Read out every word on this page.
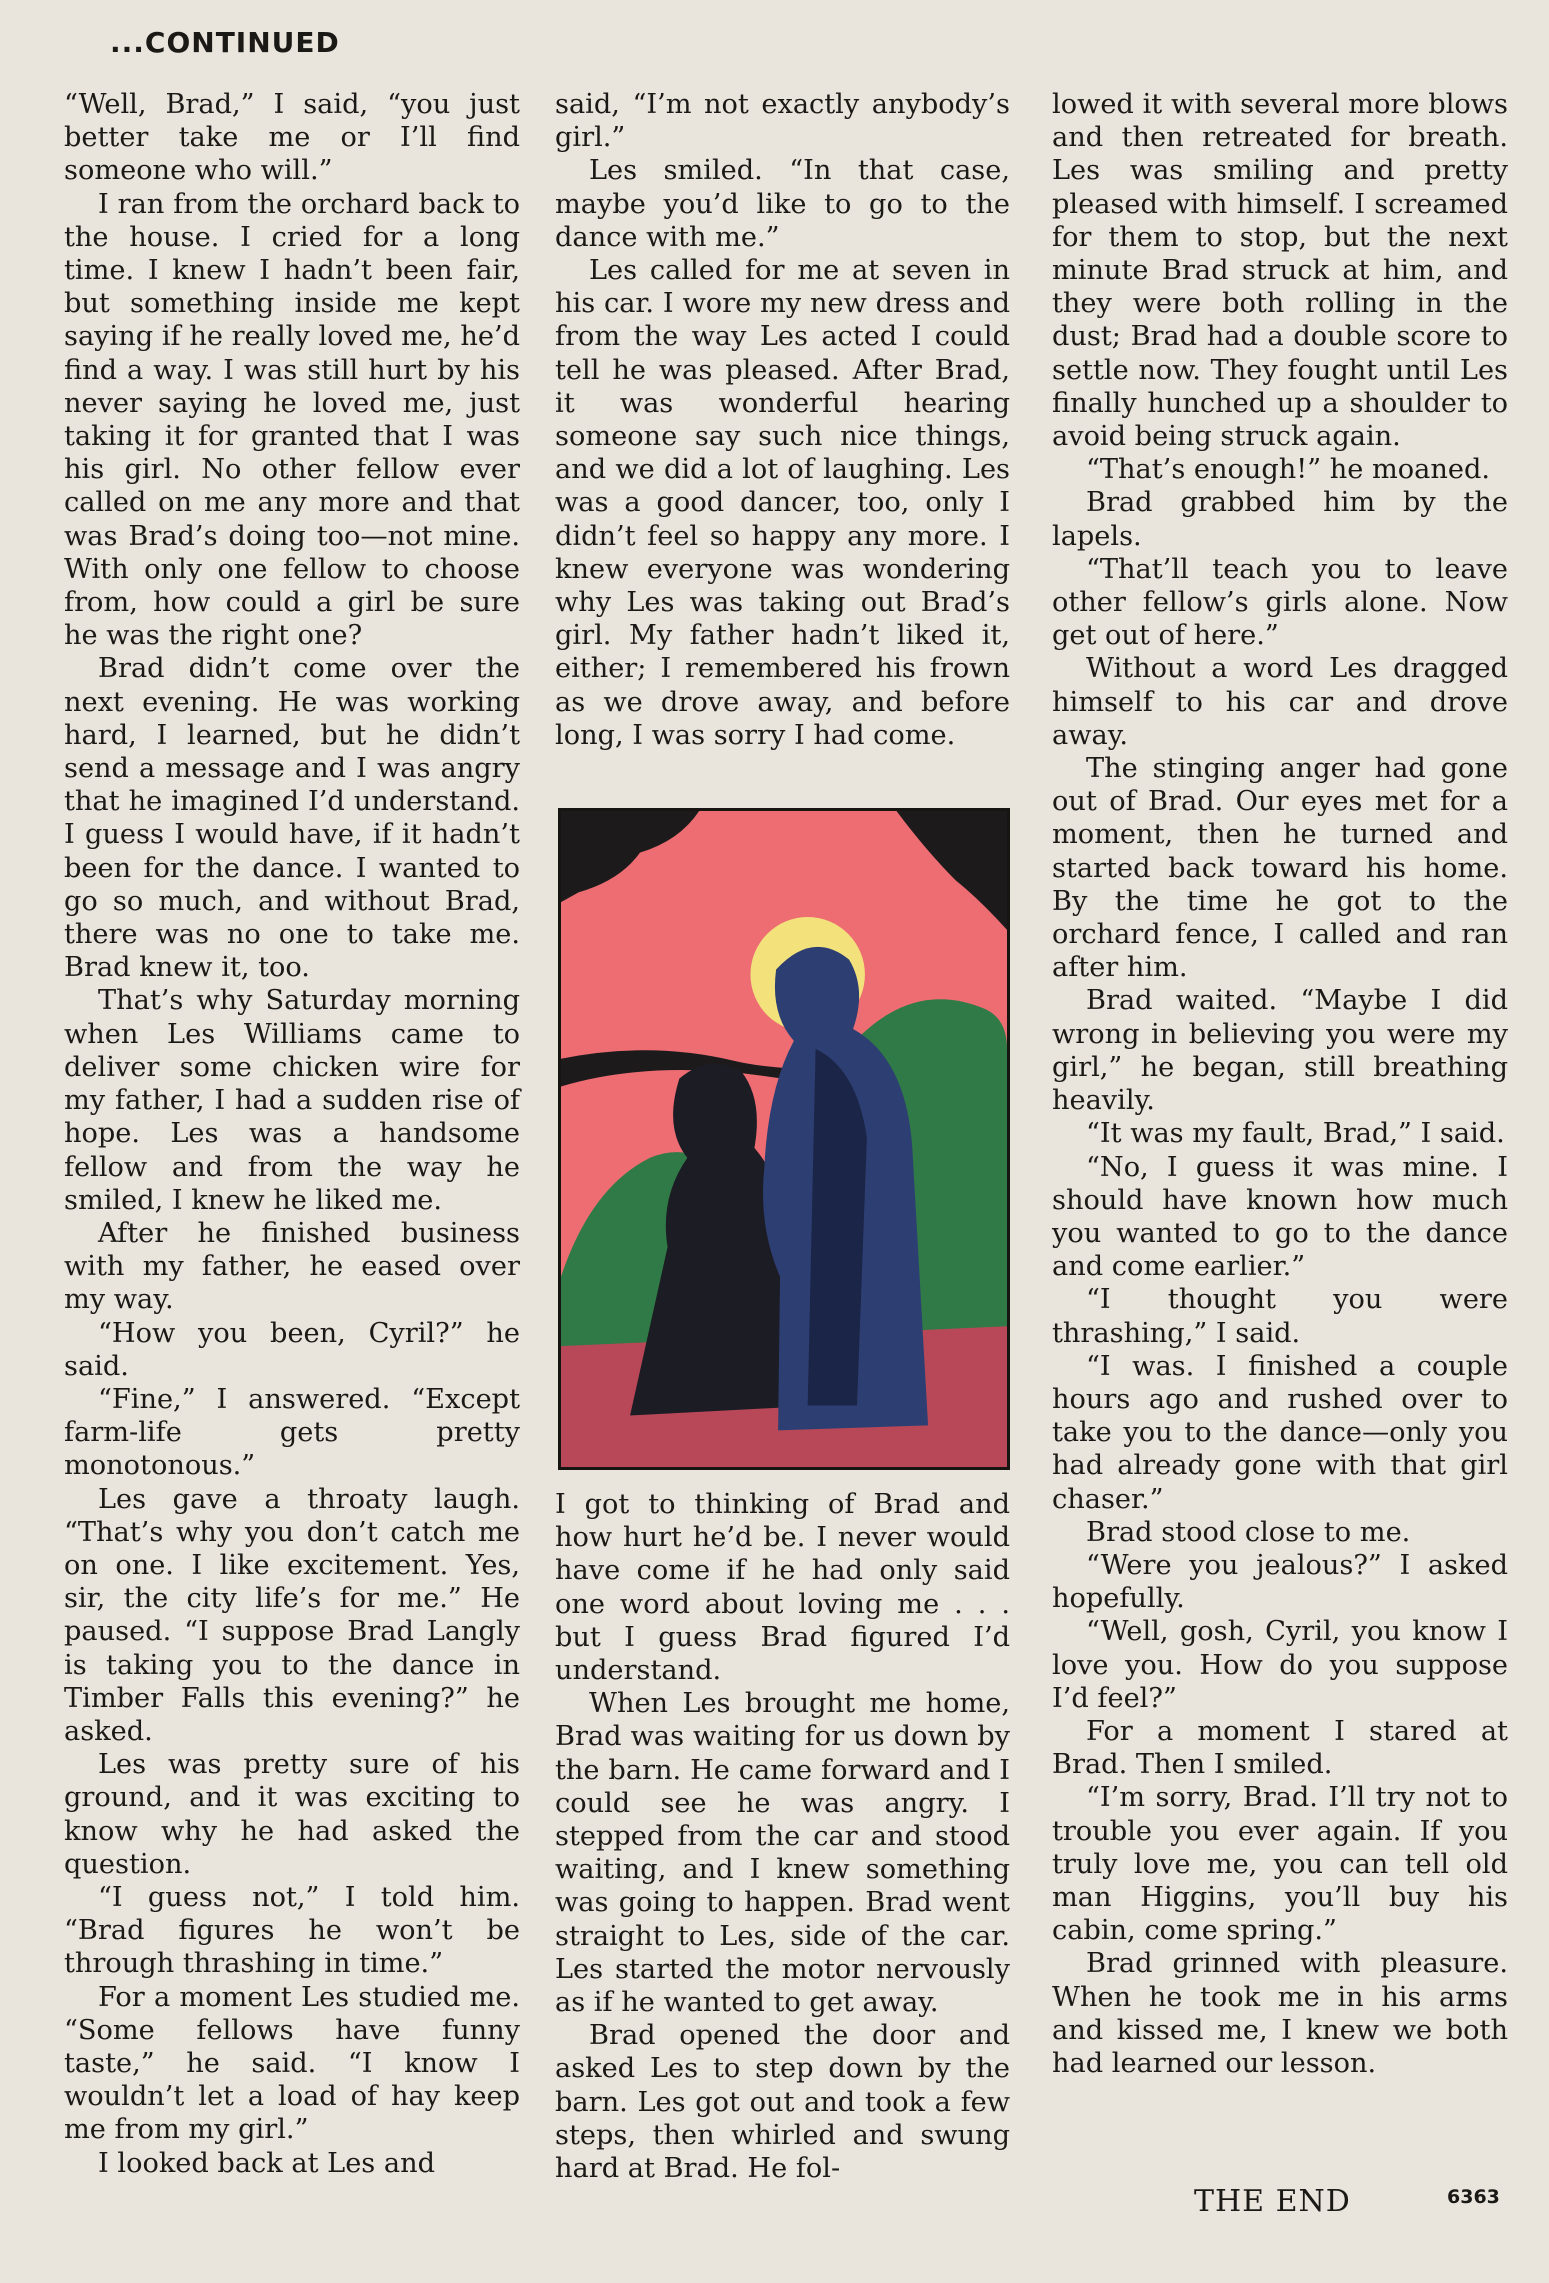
...CONTINUED

“Well, Brad,” I said, “you just better take me or I’ll find someone who will.”

I ran from the orchard back to the house. I cried for a long time. I knew I hadn’t been fair, but something inside me kept saying if he really loved me, he’d find a way. I was still hurt by his never saying he loved me, just taking it for granted that I was his girl. No other fellow ever called on me any more and that was Brad’s doing too—not mine. With only one fellow to choose from, how could a girl be sure he was the right one?

Brad didn’t come over the next evening. He was working hard, I learned, but he didn’t send a message and I was angry that he imagined I’d understand. I guess I would have, if it hadn’t been for the dance. I wanted to go so much, and without Brad, there was no one to take me. Brad knew it, too.

That’s why Saturday morning when Les Williams came to deliver some chicken wire for my father, I had a sudden rise of hope. Les was a handsome fellow and from the way he smiled, I knew he liked me.

After he finished business with my father, he eased over my way.

“How you been, Cyril?” he said.

“Fine,” I answered. “Except farm-life gets pretty monotonous.”

Les gave a throaty laugh. “That’s why you don’t catch me on one. I like excitement. Yes, sir, the city life’s for me.” He paused. “I suppose Brad Langly is taking you to the dance in Timber Falls this evening?” he asked.

Les was pretty sure of his ground, and it was exciting to know why he had asked the question.

“I guess not,” I told him. “Brad figures he won’t be through thrashing in time.”

For a moment Les studied me. “Some fellows have funny taste,” he said. “I know I wouldn’t let a load of hay keep me from my girl.”

I looked back at Les and

said, “I’m not exactly anybody’s girl.”

Les smiled. “In that case, maybe you’d like to go to the dance with me.”

Les called for me at seven in his car. I wore my new dress and from the way Les acted I could tell he was pleased. After Brad, it was wonderful hearing someone say such nice things, and we did a lot of laughing. Les was a good dancer, too, only I didn’t feel so happy any more. I knew everyone was wondering why Les was taking out Brad’s girl. My father hadn’t liked it, either; I remembered his frown as we drove away, and before long, I was sorry I had come.

I got to thinking of Brad and how hurt he’d be. I never would have come if he had only said one word about loving me . . . but I guess Brad figured I’d understand.

When Les brought me home, Brad was waiting for us down by the barn. He came forward and I could see he was angry. I stepped from the car and stood waiting, and I knew something was going to happen. Brad went straight to Les, side of the car. Les started the motor nervously as if he wanted to get away.

Brad opened the door and asked Les to step down by the barn. Les got out and took a few steps, then whirled and swung hard at Brad. He fol-

lowed it with several more blows and then retreated for breath. Les was smiling and pretty pleased with himself. I screamed for them to stop, but the next minute Brad struck at him, and they were both rolling in the dust; Brad had a double score to settle now. They fought until Les finally hunched up a shoulder to avoid being struck again.

“That’s enough!” he moaned.

Brad grabbed him by the lapels.

“That’ll teach you to leave other fellow’s girls alone. Now get out of here.”

Without a word Les dragged himself to his car and drove away.

The stinging anger had gone out of Brad. Our eyes met for a moment, then he turned and started back toward his home. By the time he got to the orchard fence, I called and ran after him.

Brad waited. “Maybe I did wrong in believing you were my girl,” he began, still breathing heavily.

“It was my fault, Brad,” I said.

“No, I guess it was mine. I should have known how much you wanted to go to the dance and come earlier.”

“I thought you were thrashing,” I said.

“I was. I finished a couple hours ago and rushed over to take you to the dance—only you had already gone with that girl chaser.”

Brad stood close to me.

“Were you jealous?” I asked hopefully.

“Well, gosh, Cyril, you know I love you. How do you suppose I’d feel?”

For a moment I stared at Brad. Then I smiled.

“I’m sorry, Brad. I’ll try not to trouble you ever again. If you truly love me, you can tell old man Higgins, you’ll buy his cabin, come spring.”

Brad grinned with pleasure. When he took me in his arms and kissed me, I knew we both had learned our lesson.

THE END	6363
